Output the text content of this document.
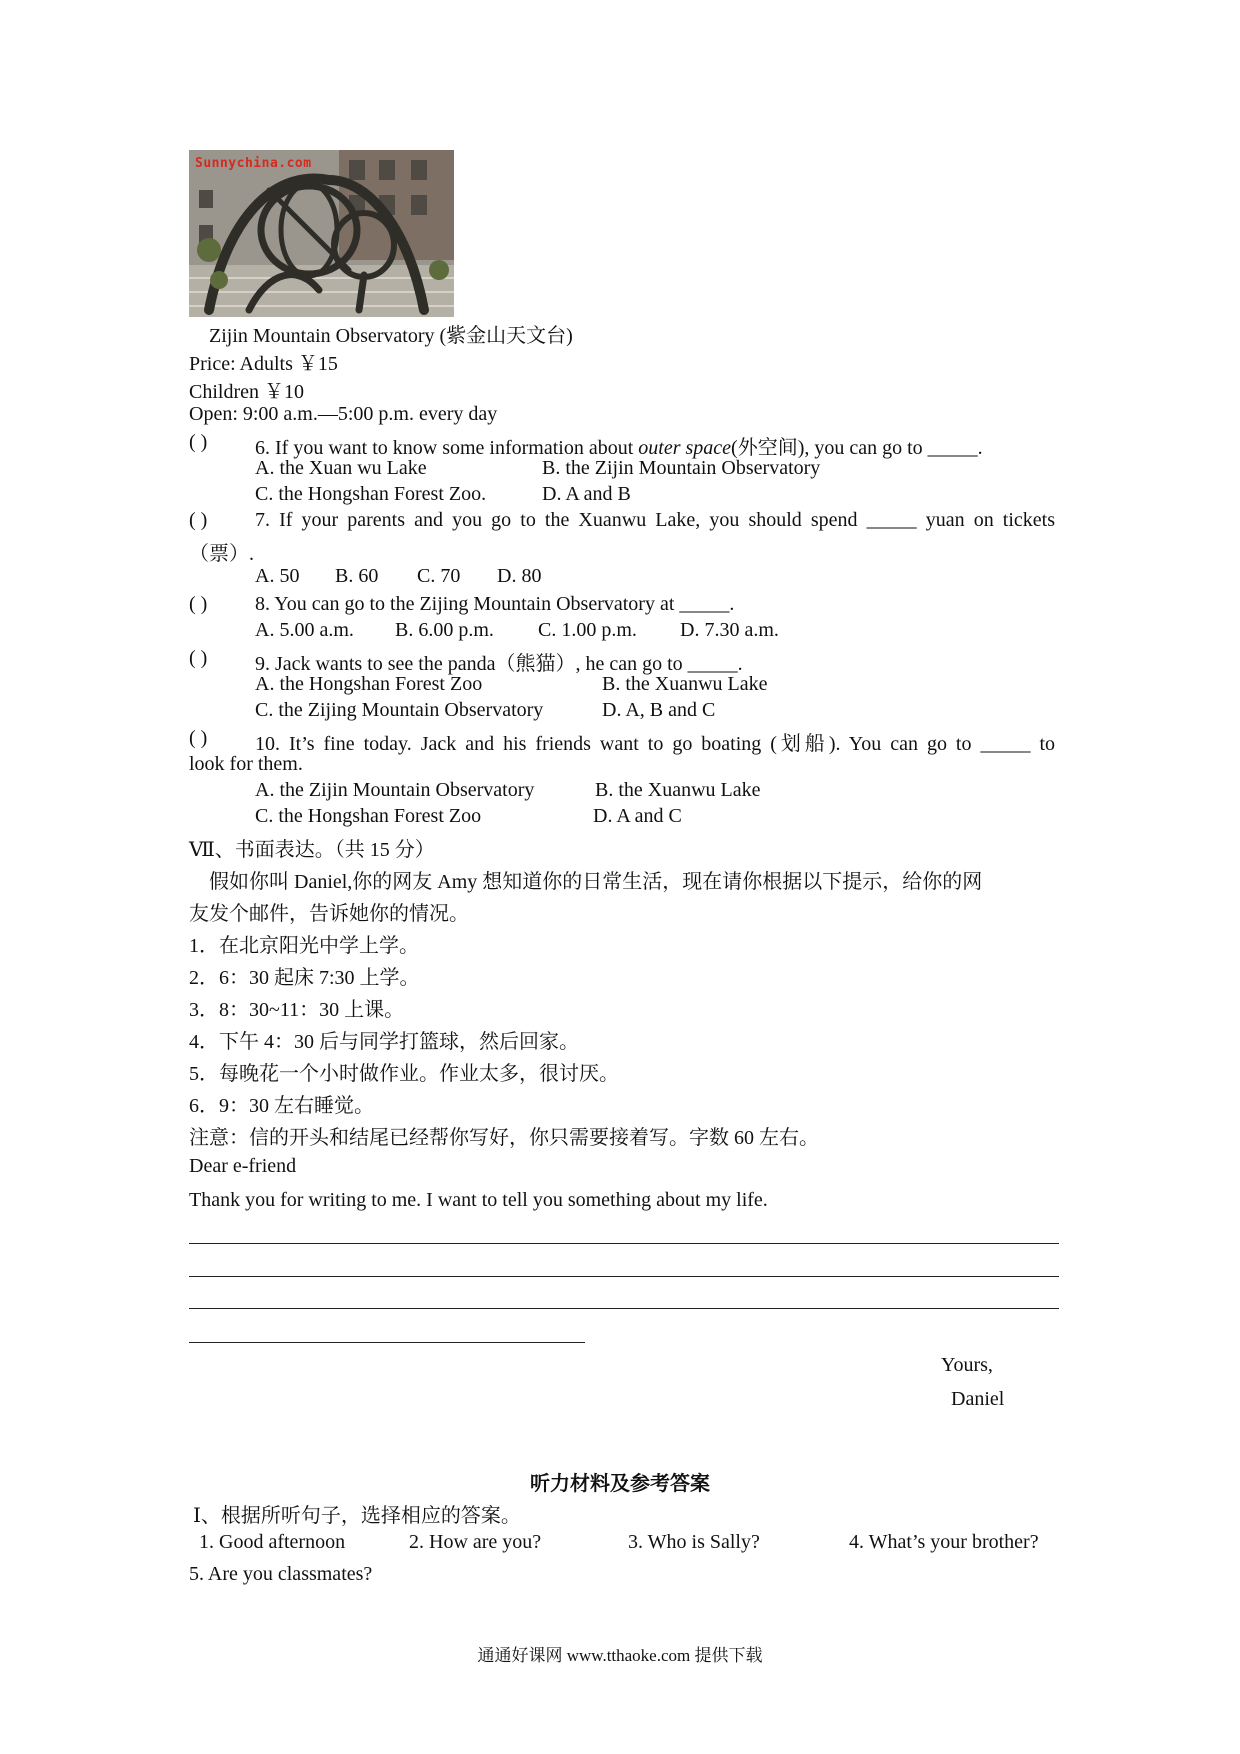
Sunnychina.com
Zijin Mountain Observatory (紫金山天文台)
Price: Adults ￥15
Children ￥10
Open: 9:00 a.m.—5:00 p.m. every day
( ) 6. If you want to know some information about outer space(外空间), you can go to _____.
A. the Xuan wu Lake	B. the Zijin Mountain Observatory
C. the Hongshan Forest Zoo.	D. A and B
( ) 7. If your parents and you go to the Xuanwu Lake, you should spend _____ yuan on tickets
（票）.
A. 50 B. 60 C. 70 D. 80
( ) 8. You can go to the Zijing Mountain Observatory at _____.
A. 5.00 a.m. B. 6.00 p.m. C. 1.00 p.m. D. 7.30 a.m.
( ) 9. Jack wants to see the panda（熊猫）, he can go to _____.
A. the Hongshan Forest Zoo	B. the Xuanwu Lake
C. the Zijing Mountain Observatory	D. A, B and C
( ) 10. It’s fine today. Jack and his friends want to go boating (划船). You can go to _____ to
look for them.
A. the Zijin Mountain Observatory	B. the Xuanwu Lake
C. the Hongshan Forest Zoo	D. A and C
Ⅶ、书面表达。（共 15 分）
假如你叫 Daniel,你的网友 Amy 想知道你的日常生活，现在请你根据以下提示，给你的网
友发个邮件，告诉她你的情况。
1．在北京阳光中学上学。
2．6：30 起床 7:30 上学。
3．8：30~11：30 上课。
4．下午 4：30 后与同学打篮球，然后回家。
5．每晚花一个小时做作业。作业太多，很讨厌。
6．9：30 左右睡觉。
注意：信的开头和结尾已经帮你写好，你只需要接着写。字数 60 左右。
Dear e-friend
Thank you for writing to me. I want to tell you something about my life.
Yours,
Daniel
听力材料及参考答案
Ⅰ、根据所听句子，选择相应的答案。
1. Good afternoon	2. How are you?	3. Who is Sally?	4. What’s your brother?
5. Are you classmates?
通通好课网 www.tthaoke.com 提供下载
